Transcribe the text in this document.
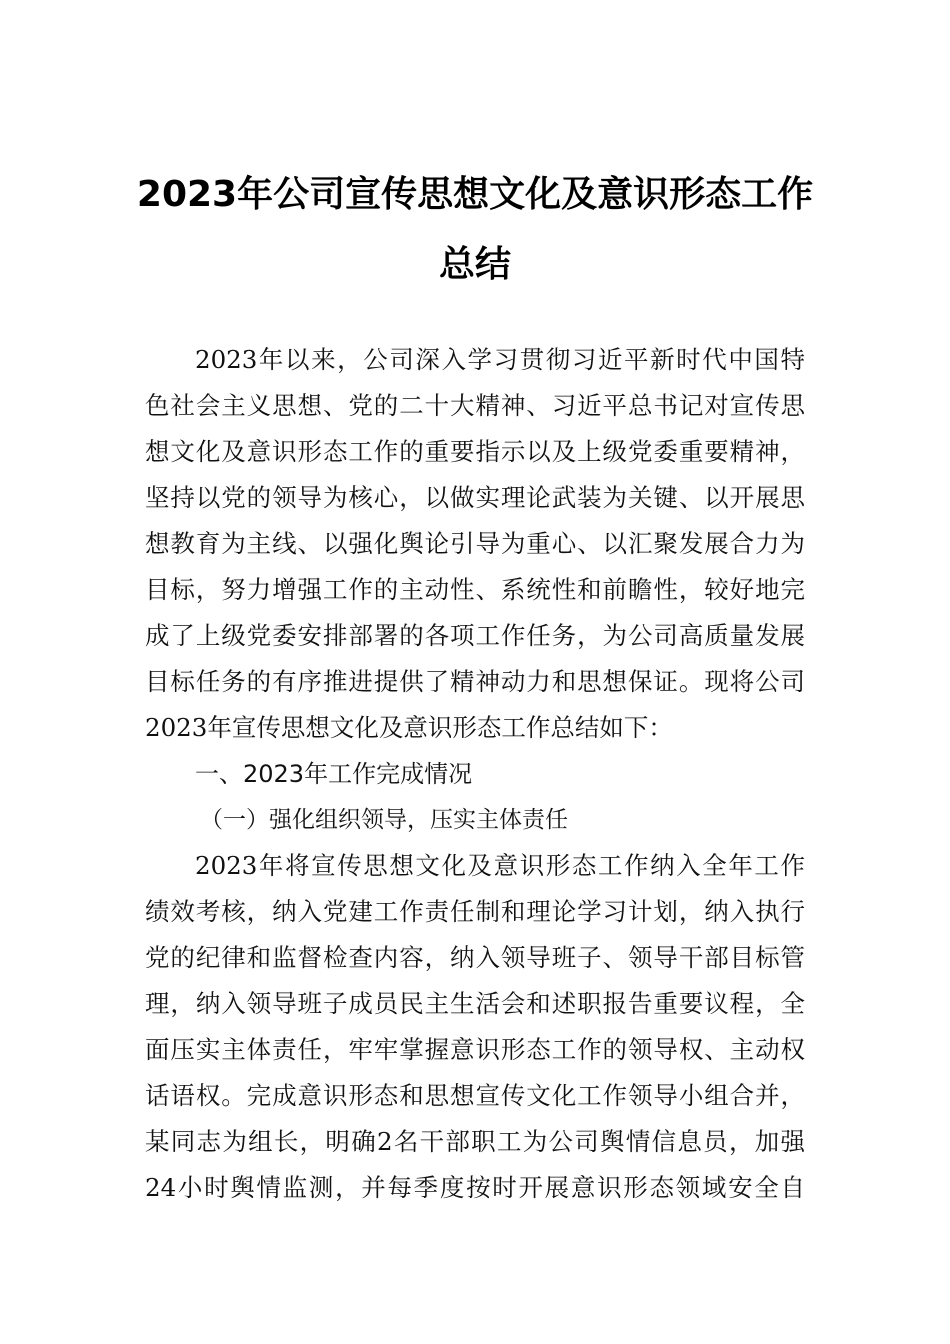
2023年公司宣传思想文化及意识形态工作
总结
2023年以来，公司深入学习贯彻习近平新时代中国特
色社会主义思想、党的二十大精神、习近平总书记对宣传思
想文化及意识形态工作的重要指示以及上级党委重要精神，
坚持以党的领导为核心，以做实理论武装为关键、以开展思
想教育为主线、以强化舆论引导为重心、以汇聚发展合力为
目标，努力增强工作的主动性、系统性和前瞻性，较好地完
成了上级党委安排部署的各项工作任务，为公司高质量发展
目标任务的有序推进提供了精神动力和思想保证。现将公司
2023年宣传思想文化及意识形态工作总结如下：
一、2023年工作完成情况
（一）强化组织领导，压实主体责任
2023年将宣传思想文化及意识形态工作纳入全年工作
绩效考核，纳入党建工作责任制和理论学习计划，纳入执行
党的纪律和监督检查内容，纳入领导班子、领导干部目标管
理，纳入领导班子成员民主生活会和述职报告重要议程，全
面压实主体责任，牢牢掌握意识形态工作的领导权、主动权
话语权。完成意识形态和思想宣传文化工作领导小组合并，
某同志为组长，明确2名干部职工为公司舆情信息员，加强
24小时舆情监测，并每季度按时开展意识形态领域安全自
